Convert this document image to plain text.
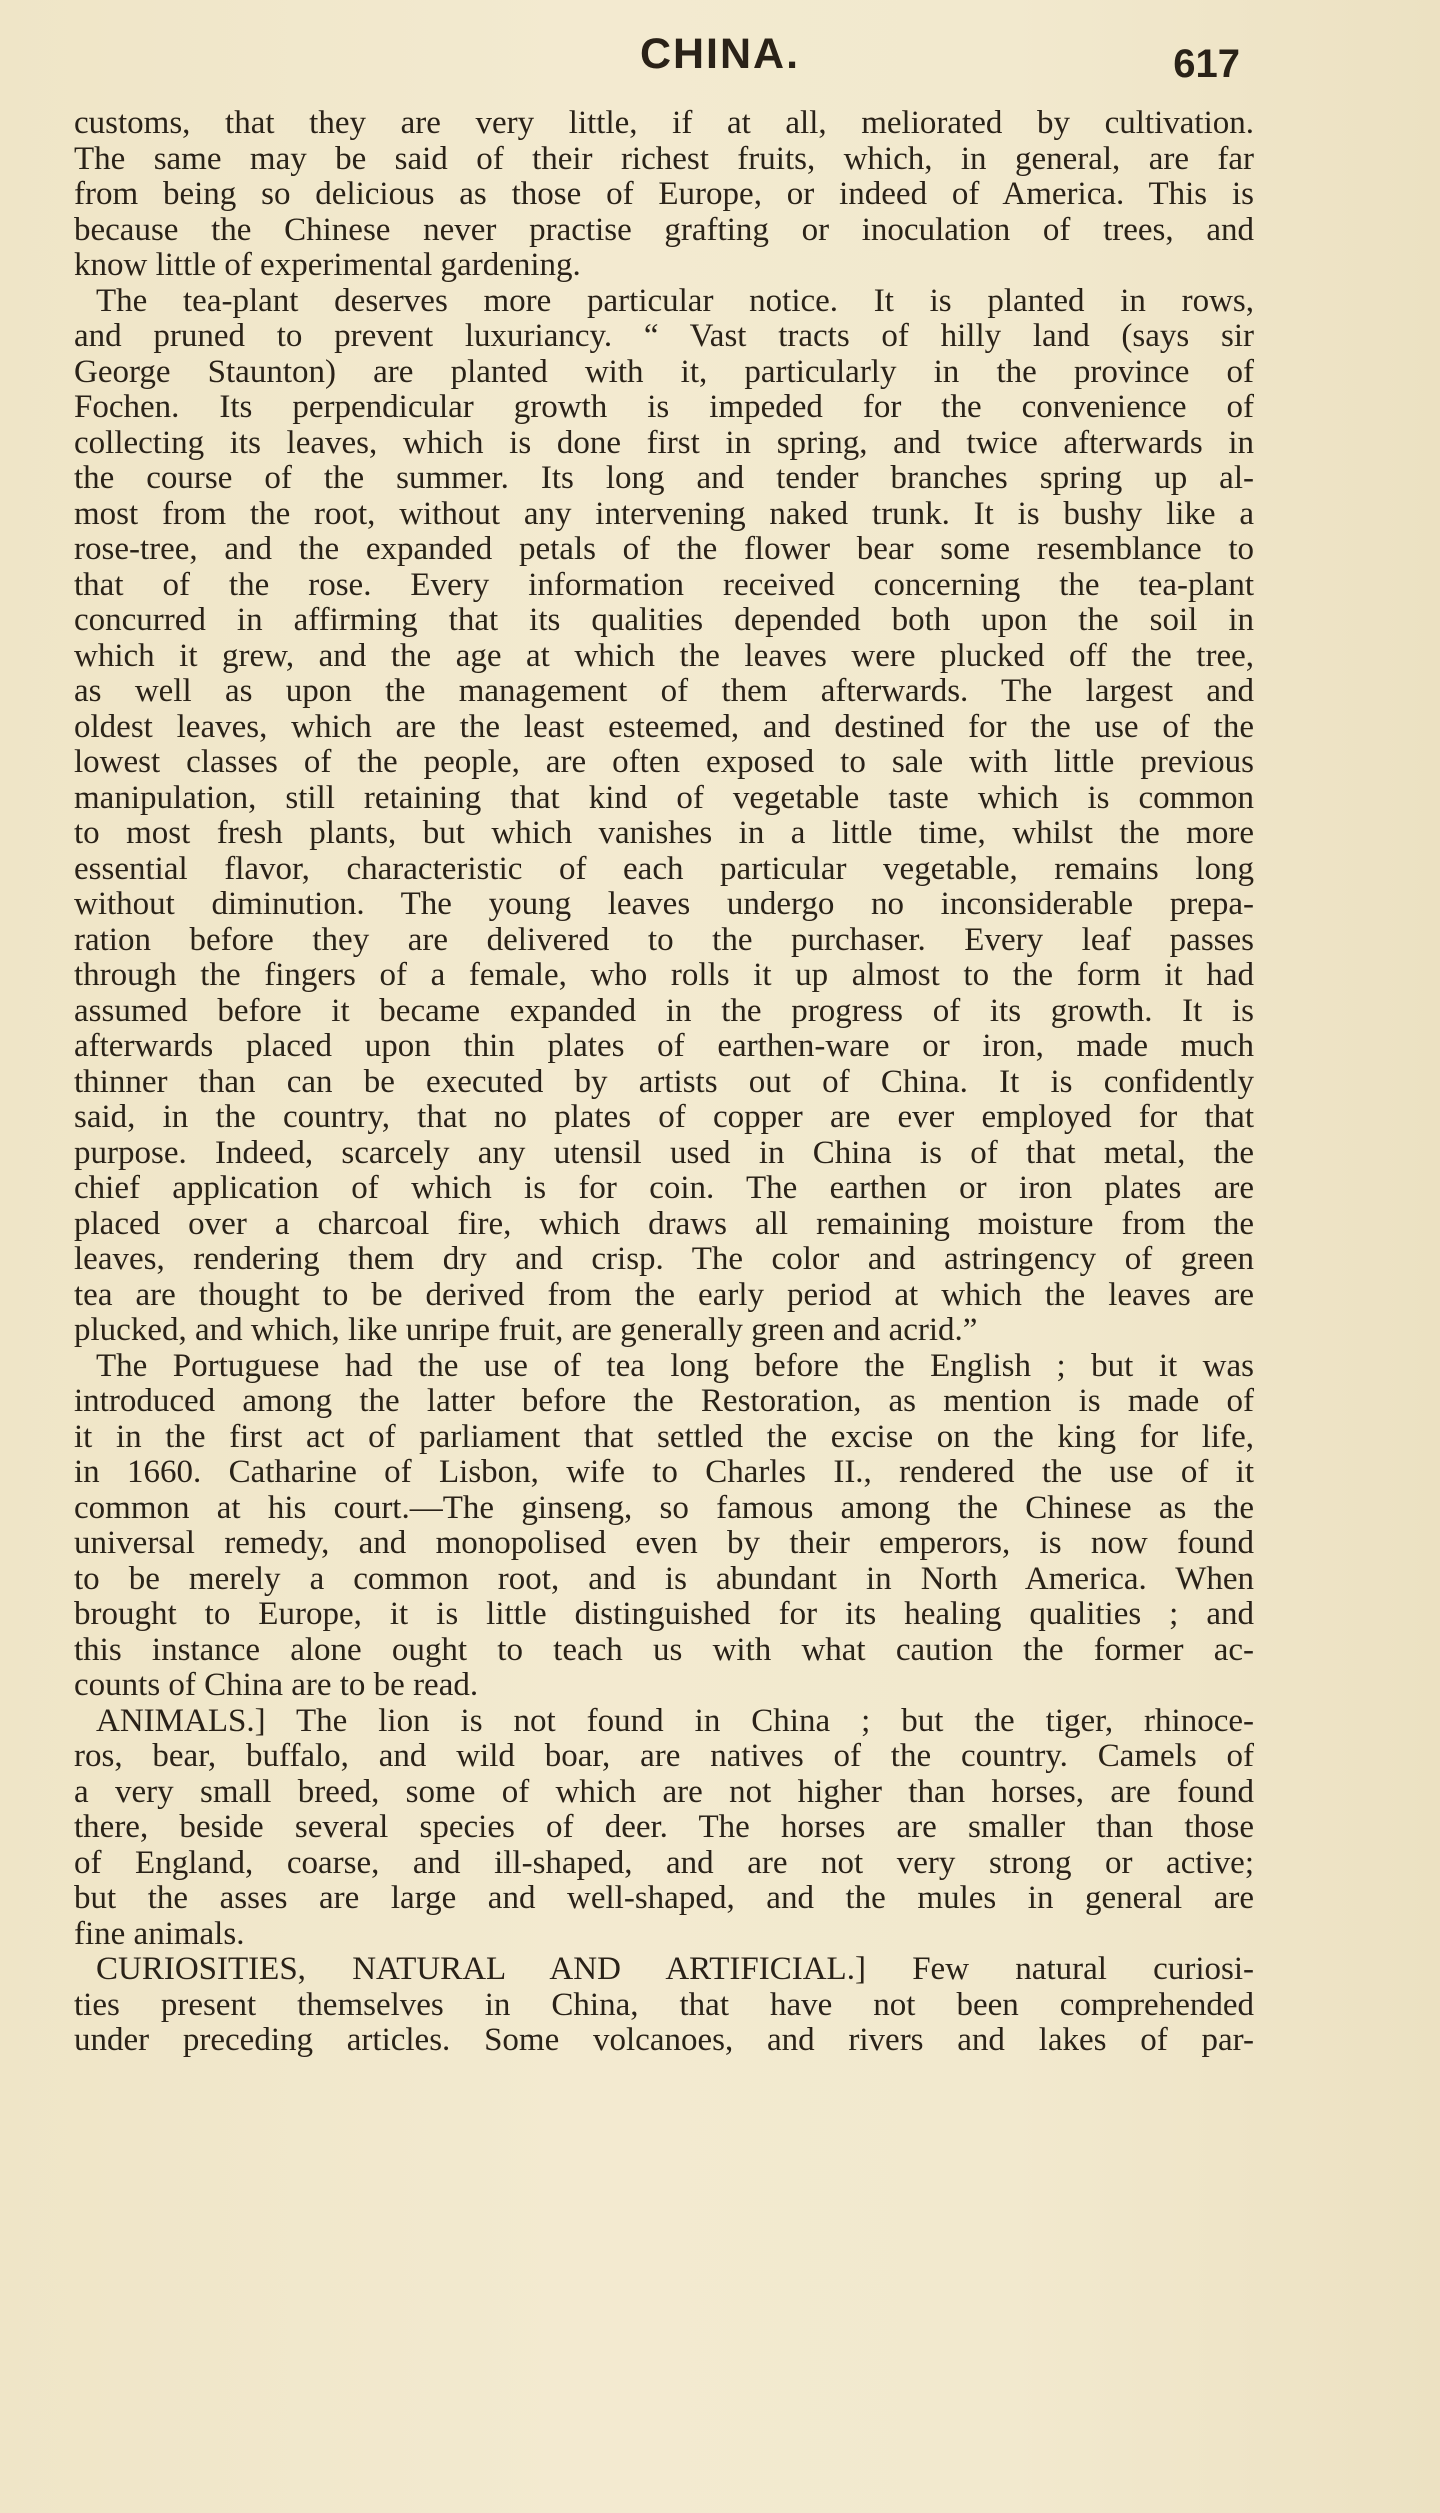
CHINA.	617
customs, that they are very little, if at all, meliorated by cultivation.
The same may be said of their richest fruits, which, in general, are far
from being so delicious as those of Europe, or indeed of America. This is
because the Chinese never practise grafting or inoculation of trees, and
know little of experimental gardening.
The tea-plant deserves more particular notice. It is planted in rows,
and pruned to prevent luxuriancy. “ Vast tracts of hilly land (says sir
George Staunton) are planted with it, particularly in the province of
Fochen. Its perpendicular growth is impeded for the convenience of
collecting its leaves, which is done first in spring, and twice afterwards in
the course of the summer. Its long and tender branches spring up al-
most from the root, without any intervening naked trunk. It is bushy like a
rose-tree, and the expanded petals of the flower bear some resemblance to
that of the rose. Every information received concerning the tea-plant
concurred in affirming that its qualities depended both upon the soil in
which it grew, and the age at which the leaves were plucked off the tree,
as well as upon the management of them afterwards. The largest and
oldest leaves, which are the least esteemed, and destined for the use of the
lowest classes of the people, are often exposed to sale with little previous
manipulation, still retaining that kind of vegetable taste which is common
to most fresh plants, but which vanishes in a little time, whilst the more
essential flavor, characteristic of each particular vegetable, remains long
without diminution. The young leaves undergo no inconsiderable prepa-
ration before they are delivered to the purchaser. Every leaf passes
through the fingers of a female, who rolls it up almost to the form it had
assumed before it became expanded in the progress of its growth. It is
afterwards placed upon thin plates of earthen-ware or iron, made much
thinner than can be executed by artists out of China. It is confidently
said, in the country, that no plates of copper are ever employed for that
purpose. Indeed, scarcely any utensil used in China is of that metal, the
chief application of which is for coin. The earthen or iron plates are
placed over a charcoal fire, which draws all remaining moisture from the
leaves, rendering them dry and crisp. The color and astringency of green
tea are thought to be derived from the early period at which the leaves are
plucked, and which, like unripe fruit, are generally green and acrid.”
The Portuguese had the use of tea long before the English ; but it was
introduced among the latter before the Restoration, as mention is made of
it in the first act of parliament that settled the excise on the king for life,
in 1660. Catharine of Lisbon, wife to Charles II., rendered the use of it
common at his court.—The ginseng, so famous among the Chinese as the
universal remedy, and monopolised even by their emperors, is now found
to be merely a common root, and is abundant in North America. When
brought to Europe, it is little distinguished for its healing qualities ; and
this instance alone ought to teach us with what caution the former ac-
counts of China are to be read.
ANIMALS.] The lion is not found in China ; but the tiger, rhinoce-
ros, bear, buffalo, and wild boar, are natives of the country. Camels of
a very small breed, some of which are not higher than horses, are found
there, beside several species of deer. The horses are smaller than those
of England, coarse, and ill-shaped, and are not very strong or active;
but the asses are large and well-shaped, and the mules in general are
fine animals.
CURIOSITIES, NATURAL AND ARTIFICIAL.] Few natural curiosi-
ties present themselves in China, that have not been comprehended
under preceding articles. Some volcanoes, and rivers and lakes of par-
